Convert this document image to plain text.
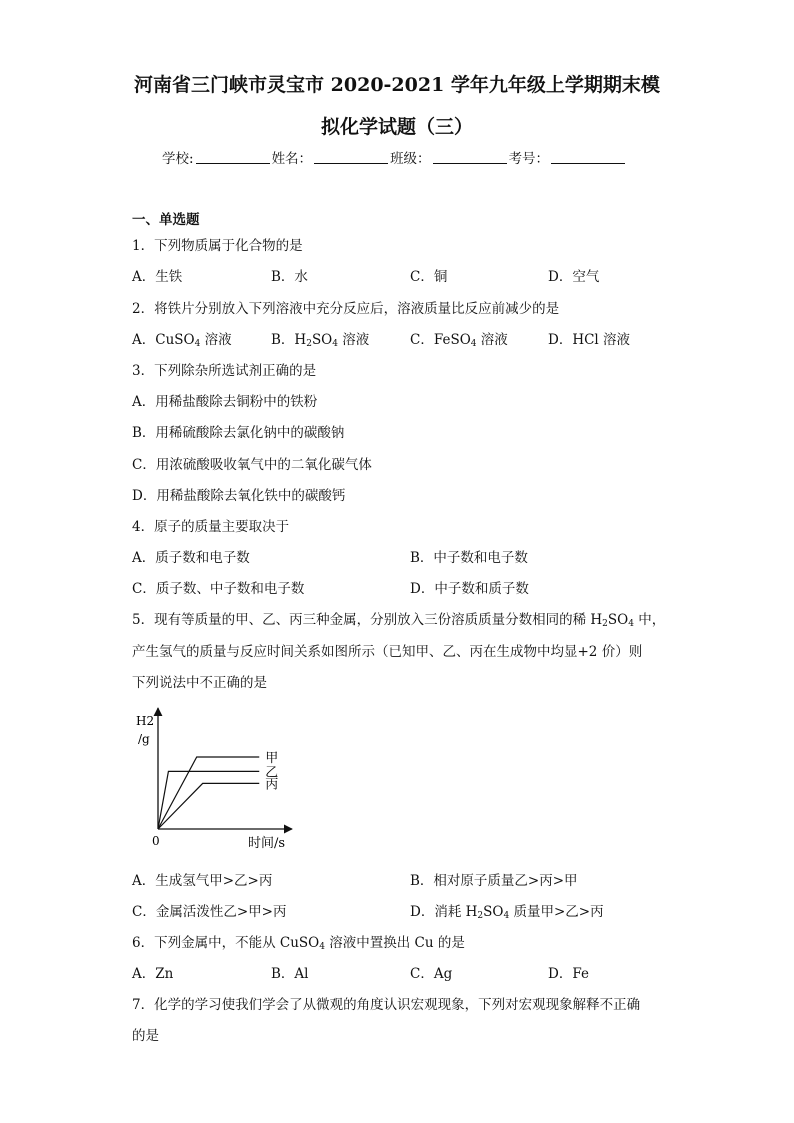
河南省三门峡市灵宝市 2020-2021 学年九年级上学期期末模
拟化学试题（三）
学校:	姓名：	班级：	考号：
一、单选题
1．下列物质属于化合物的是
A．生铁	B．水	C．铜	D．空气
2．将铁片分别放入下列溶液中充分反应后，溶液质量比反应前减少的是
A．CuSO$_4$ 溶液	B．$H_2SO_4$ 溶液	C．FeSO$_4$ 溶液	D．HCl 溶液
3．下列除杂所选试剂正确的是
A．用稀盐酸除去铜粉中的铁粉
B．用稀硫酸除去氯化钠中的碳酸钠
C．用浓硫酸吸收氧气中的二氧化碳气体
D．用稀盐酸除去氧化铁中的碳酸钙
4．原子的质量主要取决于
A．质子数和电子数	B．中子数和电子数
C．质子数、中子数和电子数	D．中子数和质子数
5．现有等质量的甲、乙、丙三种金属，分别放入三份溶质质量分数相同的稀 $H_2SO_4$ 中，
产生氢气的质量与反应时间关系如图所示（已知甲、乙、丙在生成物中均显+2 价）则
下列说法中不正确的是
H2
/g
0	时间/s
甲
乙
丙
A．生成氢气甲>乙>丙	B．相对原子质量乙>丙>甲
C．金属活泼性乙>甲>丙	D．消耗 $H_2SO_4$ 质量甲>乙>丙
6．下列金属中，不能从 CuSO$_4$ 溶液中置换出 Cu 的是
A．Zn	B．Al	C．Ag	D．Fe
7．化学的学习使我们学会了从微观的角度认识宏观现象，下列对宏观现象解释不正确
的是
